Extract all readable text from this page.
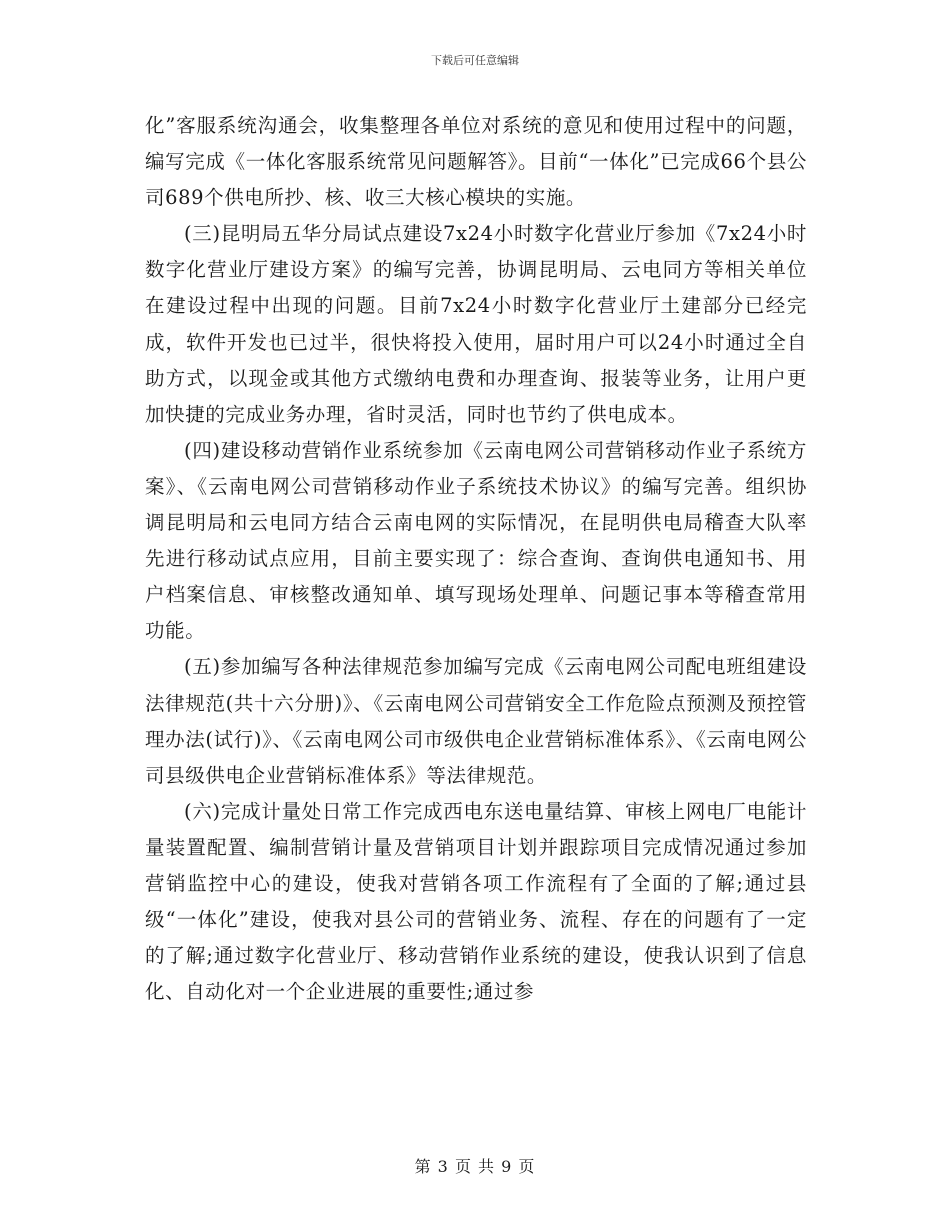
下载后可任意编辑

化”客服系统沟通会，收集整理各单位对系统的意见和使用过程中的问题，编写完成《一体化客服系统常见问题解答》。目前“一体化”已完成66个县公司689个供电所抄、核、收三大核心模块的实施。

(三)昆明局五华分局试点建设7x24小时数字化营业厅参加《7x24小时数字化营业厅建设方案》的编写完善，协调昆明局、云电同方等相关单位在建设过程中出现的问题。目前7x24小时数字化营业厅土建部分已经完成，软件开发也已过半，很快将投入使用，届时用户可以24小时通过全自助方式，以现金或其他方式缴纳电费和办理查询、报装等业务，让用户更加快捷的完成业务办理，省时灵活，同时也节约了供电成本。

(四)建设移动营销作业系统参加《云南电网公司营销移动作业子系统方案》、《云南电网公司营销移动作业子系统技术协议》的编写完善。组织协调昆明局和云电同方结合云南电网的实际情况，在昆明供电局稽查大队率先进行移动试点应用，目前主要实现了：综合查询、查询供电通知书、用户档案信息、审核整改通知单、填写现场处理单、问题记事本等稽查常用功能。

(五)参加编写各种法律规范参加编写完成《云南电网公司配电班组建设法律规范(共十六分册)》、《云南电网公司营销安全工作危险点预测及预控管理办法(试行)》、《云南电网公司市级供电企业营销标准体系》、《云南电网公司县级供电企业营销标准体系》等法律规范。

(六)完成计量处日常工作完成西电东送电量结算、审核上网电厂电能计量装置配置、编制营销计量及营销项目计划并跟踪项目完成情况通过参加营销监控中心的建设，使我对营销各项工作流程有了全面的了解;通过县级“一体化”建设，使我对县公司的营销业务、流程、存在的问题有了一定的了解;通过数字化营业厅、移动营销作业系统的建设，使我认识到了信息化、自动化对一个企业进展的重要性;通过参

第 3 页 共 9 页
